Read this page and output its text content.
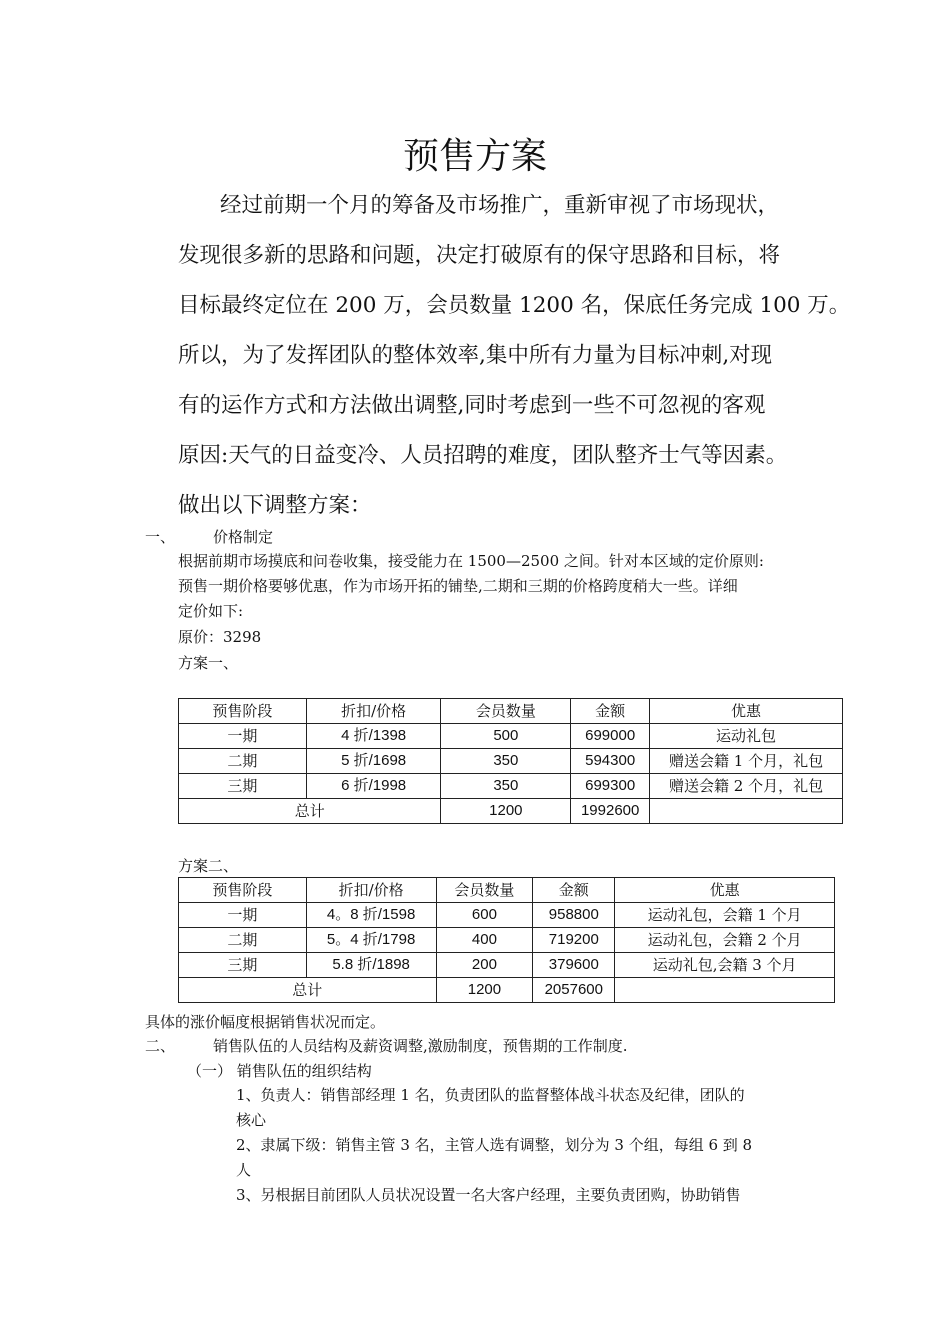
预售方案
经过前期一个月的筹备及市场推广，重新审视了市场现状，
发现很多新的思路和问题，决定打破原有的保守思路和目标，将
目标最终定位在 200 万，会员数量 1200 名，保底任务完成 100 万。
所以，为了发挥团队的整体效率,集中所有力量为目标冲刺,对现
有的运作方式和方法做出调整,同时考虑到一些不可忽视的客观
原因:天气的日益变冷、人员招聘的难度，团队整齐士气等因素。
做出以下调整方案：
一、	价格制定
根据前期市场摸底和问卷收集，接受能力在 1500—2500 之间。针对本区域的定价原则:
预售一期价格要够优惠，作为市场开拓的铺垫,二期和三期的价格跨度稍大一些。详细
定价如下:
原价：3298
方案一、
预售阶段	折扣/价格	会员数量	金额	优惠
一期	4 折/1398	500	699000	运动礼包
二期	5 折/1698	350	594300	赠送会籍 1 个月，礼包
三期	6 折/1998	350	699300	赠送会籍 2 个月，礼包
总计		1200	1992600	
方案二、
预售阶段	折扣/价格	会员数量	金额	优惠
一期	4。8 折/1598	600	958800	运动礼包，会籍 1 个月
二期	5。4 折/1798	400	719200	运动礼包，会籍 2 个月
三期	5.8 折/1898	200	379600	运动礼包,会籍 3 个月
总计		1200	2057600	
具体的涨价幅度根据销售状况而定。
二、	销售队伍的人员结构及薪资调整,激励制度，预售期的工作制度.
（一） 销售队伍的组织结构
1、负责人：销售部经理 1 名，负责团队的监督整体战斗状态及纪律，团队的
核心
2、隶属下级：销售主管 3 名，主管人选有调整，划分为 3 个组，每组 6 到 8
人
3、另根据目前团队人员状况设置一名大客户经理，主要负责团购，协助销售
